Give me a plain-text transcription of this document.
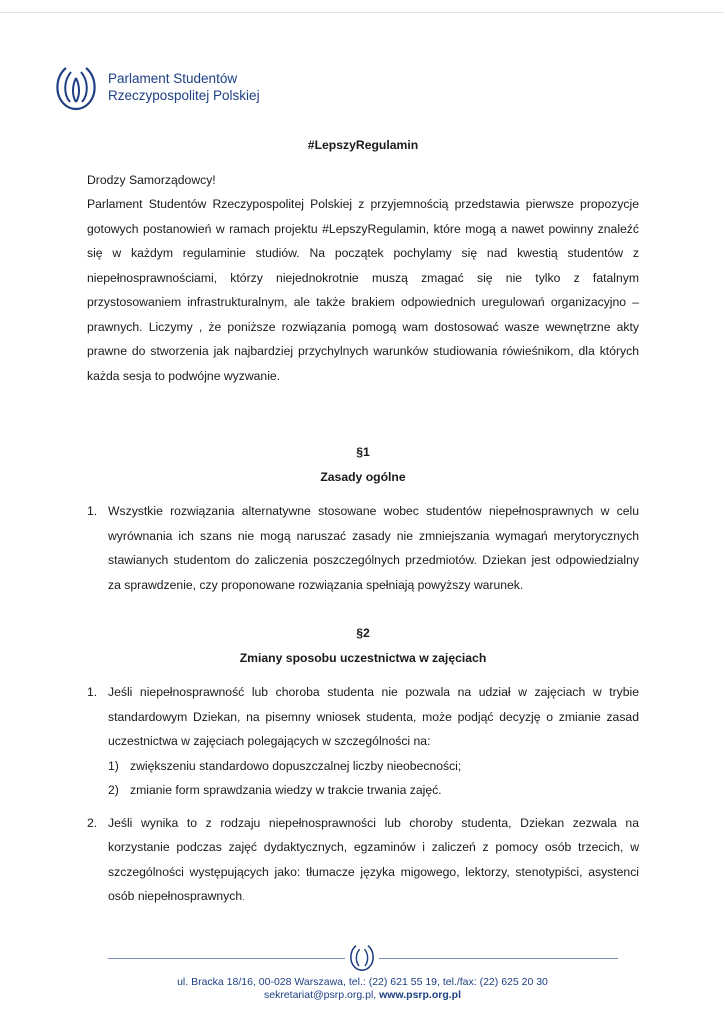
Parlament Studentów
Rzeczypospolitej Polskiej

#LepszyRegulamin

Drodzy Samorządowcy!

Parlament Studentów Rzeczypospolitej Polskiej z przyjemnością przedstawia pierwsze propozycje gotowych postanowień w ramach projektu #LepszyRegulamin, które mogą a nawet powinny znaleźć się w każdym regulaminie studiów. Na początek pochylamy się nad kwestią studentów z niepełnosprawnościami, którzy niejednokrotnie muszą zmagać się nie tylko z fatalnym przystosowaniem infrastrukturalnym, ale także brakiem odpowiednich uregulowań organizacyjno – prawnych. Liczymy , że poniższe rozwiązania pomogą wam dostosować wasze wewnętrzne akty prawne do stworzenia jak najbardziej przychylnych warunków studiowania rówieśnikom, dla których każda sesja to podwójne wyzwanie.

§1

Zasady ogólne

1. Wszystkie rozwiązania alternatywne stosowane wobec studentów niepełnosprawnych w celu wyrównania ich szans nie mogą naruszać zasady nie zmniejszania wymagań merytorycznych stawianych studentom do zaliczenia poszczególnych przedmiotów. Dziekan jest odpowiedzialny za sprawdzenie, czy proponowane rozwiązania spełniają powyższy warunek.

§2

Zmiany sposobu uczestnictwa w zajęciach

1. Jeśli niepełnosprawność lub choroba studenta nie pozwala na udział w zajęciach w trybie standardowym Dziekan, na pisemny wniosek studenta, może podjąć decyzję o zmianie zasad uczestnictwa w zajęciach polegających w szczególności na:
1) zwiększeniu standardowo dopuszczalnej liczby nieobecności;
2) zmianie form sprawdzania wiedzy w trakcie trwania zajęć.
2. Jeśli wynika to z rodzaju niepełnosprawności lub choroby studenta, Dziekan zezwala na korzystanie podczas zajęć dydaktycznych, egzaminów i zaliczeń z pomocy osób trzecich, w szczególności występujących jako: tłumacze języka migowego, lektorzy, stenotypiści, asystenci osób niepełnosprawnych.
ul. Bracka 18/16, 00-028 Warszawa, tel.: (22) 621 55 19, tel./fax: (22) 625 20 30
sekretariat@psrp.org.pl, www.psrp.org.pl
